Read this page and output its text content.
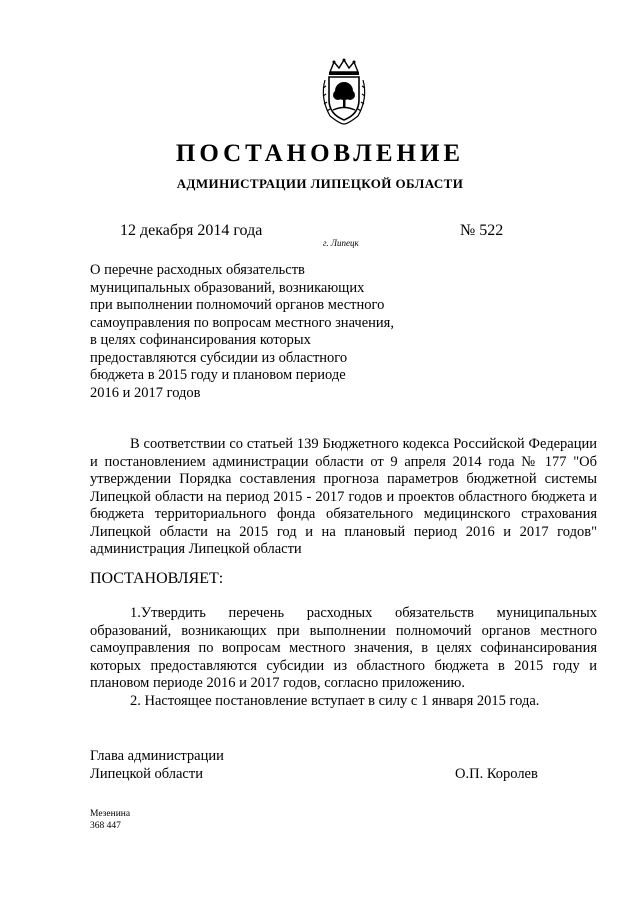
ПОСТАНОВЛЕНИЕ
АДМИНИСТРАЦИИ ЛИПЕЦКОЙ ОБЛАСТИ
12 декабря 2014 года
г. Липецк
№ 522
О перечне расходных обязательств
муниципальных образований, возникающих
при выполнении полномочий органов местного
самоуправления по вопросам местного значения,
в целях софинансирования которых
предоставляются субсидии из областного
бюджета в 2015 году и плановом периоде
2016 и 2017 годов
В соответствии со статьей 139 Бюджетного кодекса Российской Федерации и постановлением администрации области от 9 апреля 2014 года № 177 "Об утверждении Порядка составления прогноза параметров бюджетной системы Липецкой области на период 2015 - 2017 годов и проектов областного бюджета и бюджета территориального фонда обязательного медицинского страхования Липецкой области на 2015 год и на плановый период 2016 и 2017 годов" администрация Липецкой области
ПОСТАНОВЛЯЕТ:
1.Утвердить перечень расходных обязательств муниципальных образований, возникающих при выполнении полномочий органов местного самоуправления по вопросам местного значения, в целях софинансирования которых предоставляются субсидии из областного бюджета в 2015 году и плановом периоде 2016 и 2017 годов, согласно приложению.
2. Настоящее постановление вступает в силу с 1 января 2015 года.
Глава администрации
Липецкой области	О.П. Королев
Мезенина
368 447
